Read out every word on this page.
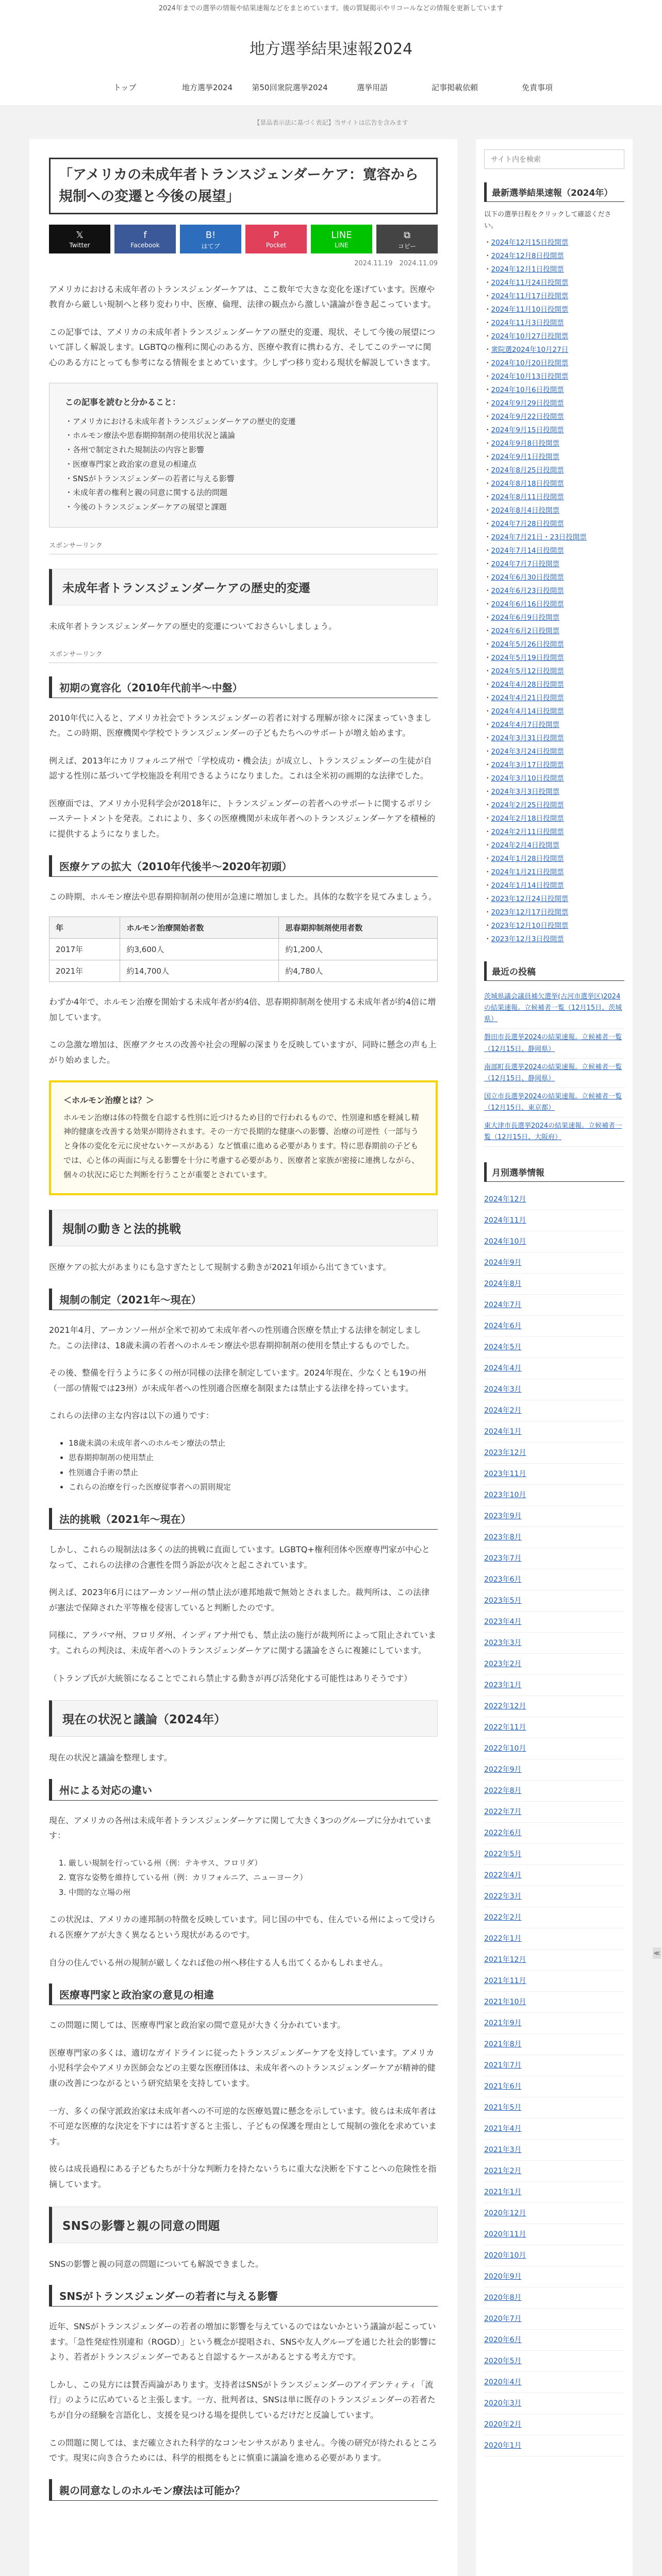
2024年までの選挙の情報や結果速報などをまとめています。後の質疑掲示やリコールなどの情報を更新しています
地方選挙結果速報2024
トップ	地方選挙2024	第50回衆院選挙2024	選挙用語	記事掲載依頼	免責事項
【景品表示法に基づく表記】当サイトは広告を含みます
「アメリカの未成年者トランスジェンダーケア：寛容から規制への変遷と今後の展望」
𝕏
Twitter
f
Facebook
B!
はてブ
P
Pocket
LINE
LINE
⧉
コピー
2024.11.19　2024.11.09

アメリカにおける未成年者のトランスジェンダーケアは、ここ数年で大きな変化を遂げています。医療や教育から厳しい規制へと移り変わり中、医療、倫理、法律の観点から激しい議論が巻き起こっています。

この記事では、アメリカの未成年者トランスジェンダーケアの歴史的変遷、現状、そして今後の展望について詳しく解説します。LGBTQの権利に関心のある方、医療や教育に携わる方、そしてこのテーマに関心のある方にとっても参考になる情報をまとめています。少しずつ移り変わる現状を解説していきます。

この記事を読むと分かること：
・ アメリカにおける未成年者トランスジェンダーケアの歴史的変遷
・ ホルモン療法や思春期抑制剤の使用状況と議論
・ 各州で制定された規制法の内容と影響
・ 医療専門家と政治家の意見の相違点
・ SNSがトランスジェンダーの若者に与える影響
・ 未成年者の権利と親の同意に関する法的問題
・ 今後のトランスジェンダーケアの展望と課題
スポンサーリンク
未成年者トランスジェンダーケアの歴史的変遷

未成年者トランスジェンダーケアの歴史的変遷についておさらいしましょう。

スポンサーリンク
初期の寛容化（2010年代前半〜中盤）

2010年代に入ると、アメリカ社会でトランスジェンダーの若者に対する理解が徐々に深まっていきました。この時期、医療機関や学校でトランスジェンダーの子どもたちへのサポートが増え始めます。

例えば、2013年にカリフォルニア州で「学校成功・機会法」が成立し、トランスジェンダーの生徒が自認する性別に基づいて学校施設を利用できるようになりました。これは全米初の画期的な法律でした。

医療面では、アメリカ小児科学会が2018年に、トランスジェンダーの若者へのサポートに関するポリシーステートメントを発表。これにより、多くの医療機関が未成年者へのトランスジェンダーケアを積極的に提供するようになりました。

医療ケアの拡大（2010年代後半〜2020年初頭）

この時期、ホルモン療法や思春期抑制剤の使用が急速に増加しました。具体的な数字を見てみましょう。

年	ホルモン治療開始者数	思春期抑制剤使用者数
2017年	約3,600人	約1,200人
2021年	約14,700人	約4,780人

わずか4年で、ホルモン治療を開始する未成年者が約4倍、思春期抑制剤を使用する未成年者が約4倍に増加しています。

この急激な増加は、医療アクセスの改善や社会の理解の深まりを反映していますが、同時に懸念の声も上がり始めました。

＜ホルモン治療とは？＞

ホルモン治療は体の特徴を自認する性別に近づけるため目的で行われるもので、性別違和感を軽減し精神的健康を改善する効果が期待されます。その一方で長期的な健康への影響、治療の可逆性（一部与うと身体の変化を元に戻せないケースがある）など慎重に進める必要があります。特に思春期前の子どもでは、心と体の両面に与える影響を十分に考慮する必要があり、医療者と家族が密接に連携しながら、個々の状況に応じた判断を行うことが重要とされています。

規制の動きと法的挑戦

医療ケアの拡大があまりにも急すぎたとして規制する動きが2021年頃から出てきています。

規制の制定（2021年〜現在）

2021年4月、アーカンソー州が全米で初めて未成年者への性別適合医療を禁止する法律を制定しました。この法律は、18歳未満の若者へのホルモン療法や思春期抑制剤の使用を禁止するものでした。

その後、整備を行うように多くの州が同様の法律を制定しています。2024年現在、少なくとも19の州（一部の情報では23州）が未成年者への性別適合医療を制限または禁止する法律を持っています。

これらの法律の主な内容は以下の通りです：

• 18歳未満の未成年者へのホルモン療法の禁止
• 思春期抑制剤の使用禁止
• 性別適合手術の禁止
• これらの治療を行った医療従事者への罰則規定
法的挑戦（2021年〜現在）

しかし、これらの規制法は多くの法的挑戦に直面しています。LGBTQ+権利団体や医療専門家が中心となって、これらの法律の合憲性を問う訴訟が次々と起こされています。

例えば、2023年6月にはアーカンソー州の禁止法が連邦地裁で無効とされました。裁判所は、この法律が憲法で保障された平等権を侵害していると判断したのです。

同様に、アラバマ州、フロリダ州、インディアナ州でも、禁止法の施行が裁判所によって阻止されています。これらの判決は、未成年者へのトランスジェンダーケアに関する議論をさらに複雑にしています。

（トランプ氏が大統領になることでこれら禁止する動きが再び活発化する可能性はありそうです）

現在の状況と議論（2024年）

現在の状況と議論を整理します。

州による対応の違い

現在、アメリカの各州は未成年者トランスジェンダーケアに関して大きく3つのグループに分かれています：

1. 厳しい規制を行っている州（例：テキサス、フロリダ）
2. 寛容な姿勢を維持している州（例：カリフォルニア、ニューヨーク）
3. 中間的な立場の州

この状況は、アメリカの連邦制の特徴を反映しています。同じ国の中でも、住んでいる州によって受けられる医療ケアが大きく異なるという現状があるのです。

自分の住んでいる州の規制が厳しくなれば他の州へ移住する人も出てくるかもしれません。

医療専門家と政治家の意見の相違

この問題に関しては、医療専門家と政治家の間で意見が大きく分かれています。

医療専門家の多くは、適切なガイドラインに従ったトランスジェンダーケアを支持しています。アメリカ小児科学会やアメリカ医師会などの主要な医療団体は、未成年者へのトランスジェンダーケアが精神的健康の改善につながるという研究結果を支持しています。

一方、多くの保守派政治家は未成年者への不可逆的な医療処置に懸念を示しています。彼らは未成年者は不可逆な医療的な決定を下すには若すぎると主張し、子どもの保護を理由として規制の強化を求めています。

彼らは成長過程にある子どもたちが十分な判断力を持たないうちに重大な決断を下すことへの危険性を指摘しています。

SNSの影響と親の同意の問題

SNSの影響と親の同意の問題についても解説できました。

SNSがトランスジェンダーの若者に与える影響

近年、SNSがトランスジェンダーの若者の増加に影響を与えているのではないかという議論が起こっています。「急性発症性別違和（ROGD）」という概念が提唱され、SNSや友人グループを通じた社会的影響により、若者がトランスジェンダーであると自認するケースがあるとする考え方です。

しかし、この見方には賛否両論があります。支持者はSNSがトランスジェンダーのアイデンティティ「流行」のように広めていると主張します。一方、批判者は、SNSは単に既存のトランスジェンダーの若者たちが自分の経験を言語化し、支援を見つける場を提供しているだけだと反論しています。

この問題に関しては、まだ確立された科学的なコンセンサスがありません。今後の研究が待たれるところです。現実に向き合うためには、科学的根拠をもとに慎重に議論を進める必要があります。

親の同意なしのホルモン療法は可能か？
サイト内を検索
最新選挙結果速報（2024年）
以下の選挙日程をクリックして確認ください。
・ 2024年12月15日投開票
・ 2024年12月8日投開票
・ 2024年12月1日投開票
・ 2024年11月24日投開票
・ 2024年11月17日投開票
・ 2024年11月10日投開票
・ 2024年11月3日投開票
・ 2024年10月27日投開票
・ 衆院選2024年10月27日
・ 2024年10月20日投開票
・ 2024年10月13日投開票
・ 2024年10月6日投開票
・ 2024年9月29日投開票
・ 2024年9月22日投開票
・ 2024年9月15日投開票
・ 2024年9月8日投開票
・ 2024年9月1日投開票
・ 2024年8月25日投開票
・ 2024年8月18日投開票
・ 2024年8月11日投開票
・ 2024年8月4日投開票
・ 2024年7月28日投開票
・ 2024年7月21日・23日投開票
・ 2024年7月14日投開票
・ 2024年7月7日投開票
・ 2024年6月30日投開票
・ 2024年6月23日投開票
・ 2024年6月16日投開票
・ 2024年6月9日投開票
・ 2024年6月2日投開票
・ 2024年5月26日投開票
・ 2024年5月19日投開票
・ 2024年5月12日投開票
・ 2024年4月28日投開票
・ 2024年4月21日投開票
・ 2024年4月14日投開票
・ 2024年4月7日投開票
・ 2024年3月31日投開票
・ 2024年3月24日投開票
・ 2024年3月17日投開票
・ 2024年3月10日投開票
・ 2024年3月3日投開票
・ 2024年2月25日投開票
・ 2024年2月18日投開票
・ 2024年2月11日投開票
・ 2024年2月4日投開票
・ 2024年1月28日投開票
・ 2024年1月21日投開票
・ 2024年1月14日投開票
・ 2023年12月24日投開票
・ 2023年12月17日投開票
・ 2023年12月10日投開票
・ 2023年12月3日投開票
最近の投稿
茨城県議会議員補欠選挙(古河市選挙区)2024の結果速報。立候補者一覧（12月15日、茨城県）
磐田市長選挙2024の結果速報。立候補者一覧（12月15日、静岡県）
南部町長選挙2024の結果速報。立候補者一覧（12月15日、静岡県）
国立市長選挙2024の結果速報。立候補者一覧（12月15日、東京都）
東大津市長選挙2024の結果速報。立候補者一覧（12月15日、大阪府）
月別選挙情報
2024年12月
2024年11月
2024年10月
2024年9月
2024年8月
2024年7月
2024年6月
2024年5月
2024年4月
2024年3月
2024年2月
2024年1月
2023年12月
2023年11月
2023年10月
2023年9月
2023年8月
2023年7月
2023年6月
2023年5月
2023年4月
2023年3月
2023年2月
2023年1月
2022年12月
2022年11月
2022年10月
2022年9月
2022年8月
2022年7月
2022年6月
2022年5月
2022年4月
2022年3月
2022年2月
2022年1月
2021年12月
2021年11月
2021年10月
2021年9月
2021年8月
2021年7月
2021年6月
2021年5月
2021年4月
2021年3月
2021年2月
2021年1月
2020年12月
2020年11月
2020年10月
2020年9月
2020年8月
2020年7月
2020年6月
2020年5月
2020年4月
2020年3月
2020年2月
2020年1月
≪
